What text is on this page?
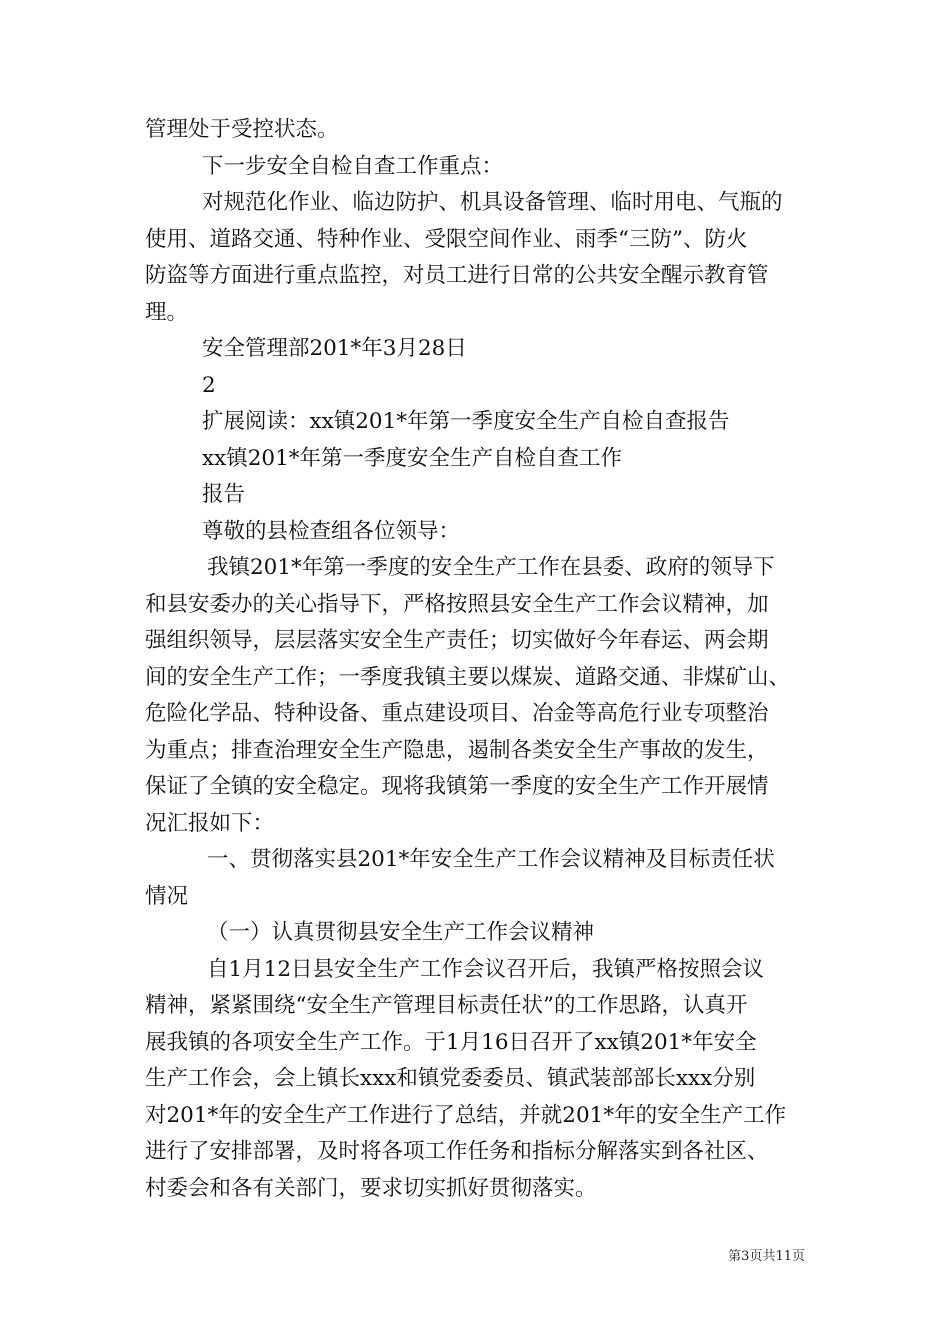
管理处于受控状态。

下一步安全自检自查工作重点：

对规范化作业、临边防护、机具设备管理、临时用电、气瓶的

使用、道路交通、特种作业、受限空间作业、雨季“三防”、防火

防盗等方面进行重点监控，对员工进行日常的公共安全醒示教育管

理。

安全管理部201*年3月28日

2

扩展阅读：xx镇201*年第一季度安全生产自检自查报告

xx镇201*年第一季度安全生产自检自查工作

报告

尊敬的县检查组各位领导：

我镇201*年第一季度的安全生产工作在县委、政府的领导下

和县安委办的关心指导下，严格按照县安全生产工作会议精神，加

强组织领导，层层落实安全生产责任；切实做好今年春运、两会期

间的安全生产工作；一季度我镇主要以煤炭、道路交通、非煤矿山、

危险化学品、特种设备、重点建设项目、冶金等高危行业专项整治

为重点；排查治理安全生产隐患，遏制各类安全生产事故的发生，

保证了全镇的安全稳定。现将我镇第一季度的安全生产工作开展情

况汇报如下：

一、贯彻落实县201*年安全生产工作会议精神及目标责任状

情况

（一）认真贯彻县安全生产工作会议精神

自1月12日县安全生产工作会议召开后，我镇严格按照会议

精神，紧紧围绕“安全生产管理目标责任状”的工作思路，认真开

展我镇的各项安全生产工作。于1月16日召开了xx镇201*年安全

生产工作会，会上镇长xxx和镇党委委员、镇武装部部长xxx分别

对201*年的安全生产工作进行了总结，并就201*年的安全生产工作

进行了安排部署，及时将各项工作任务和指标分解落实到各社区、

村委会和各有关部门，要求切实抓好贯彻落实。

第3页共11页
